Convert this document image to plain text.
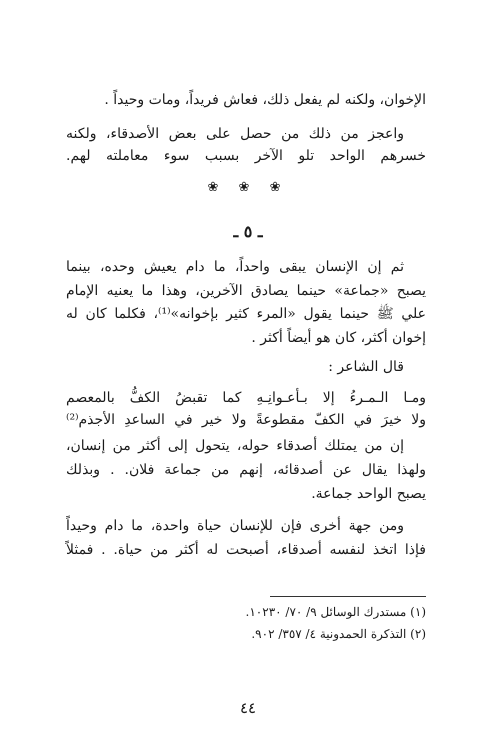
الإخوان، ولكنه لم يفعل ذلك، فعاش فريداً، ومات وحيداً .
واعجز من ذلك من حصل على بعض الأصدقاء، ولكنه
خسرهم الواحد تلو الآخر بسبب سوء معاملته لهم.
❀ ❀ ❀
ـ ٥ ـ
ثم إن الإنسان يبقى واحداً، ما دام يعيش وحده، بينما
يصبح «جماعة» حينما يصادق الآخرين، وهذا ما يعنيه الإمام
علي ﷺ حينما يقول «المرء كثير بإخوانه»⁽¹⁾، فكلما كان له
إخوان أكثر، كان هو أيضاً أكثر .
قال الشاعر :
ومـا الـمـرءُ إلا بـأعـوانِـهِ كما تقبضُ الكفُّ بالمعصم
ولا خيرَ في الكفّ مقطوعةً ولا خير في الساعدِ الأجذم⁽²⁾
إن من يمتلك أصدقاء حوله، يتحول إلى أكثر من إنسان،
ولهذا يقال عن أصدقائه، إنهم من جماعة فلان. . وبذلك
يصبح الواحد جماعة.
ومن جهة أخرى فإن للإنسان حياة واحدة، ما دام وحيداً
فإذا اتخذ لنفسه أصدقاء، أصبحت له أكثر من حياة. . فمثلاً
(١) مستدرك الوسائل ٩/ ٧٠/ ١٠٢٣٠.
(٢) التذكرة الحمدونية ٤/ ٣٥٧/ ٩٠٢.
٤٤
